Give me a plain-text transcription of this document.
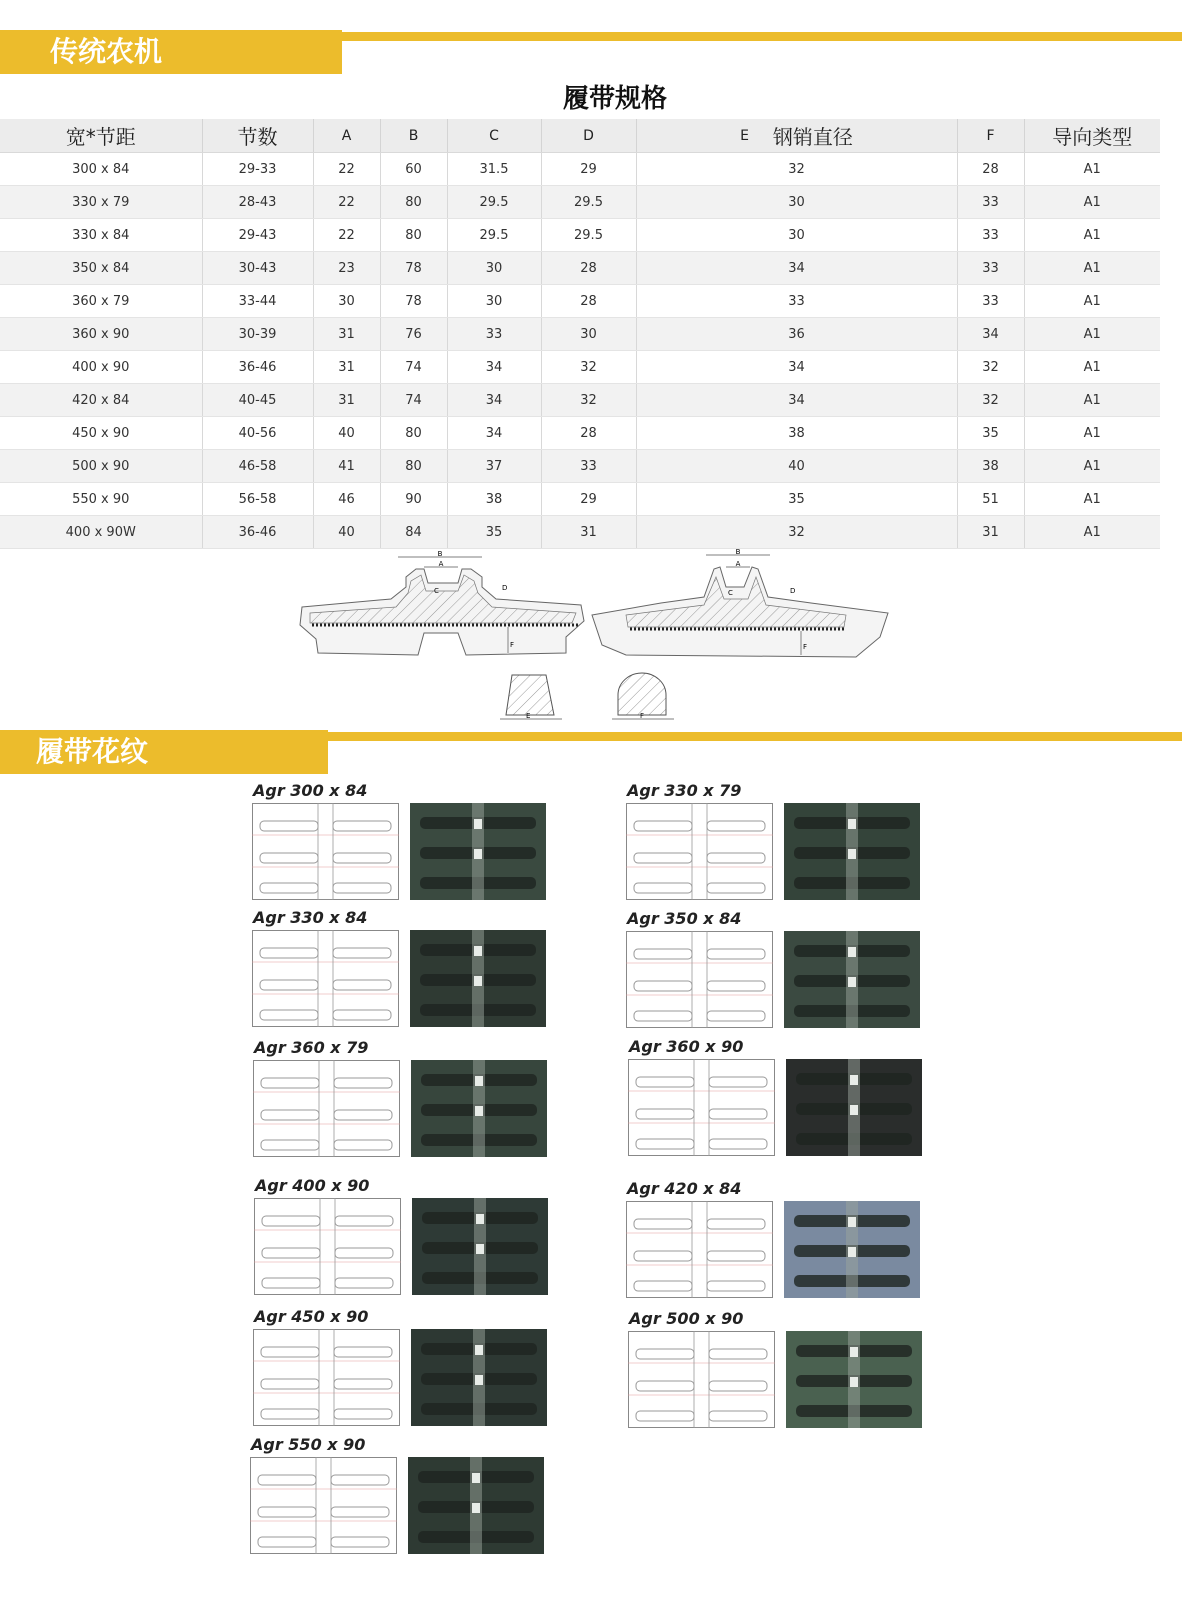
传统农机
履带规格
宽*节距	节数	A	B	C	D	E 钢销直径	F	导向类型
300 x 84	29-33	22	60	31.5	29	32	28	A1
330 x 79	28-43	22	80	29.5	29.5	30	33	A1
330 x 84	29-43	22	80	29.5	29.5	30	33	A1
350 x 84	30-43	23	78	30	28	34	33	A1
360 x 79	33-44	30	78	30	28	33	33	A1
360 x 90	30-39	31	76	33	30	36	34	A1
400 x 90	36-46	31	74	34	32	34	32	A1
420 x 84	40-45	31	74	34	32	34	32	A1
450 x 90	40-56	40	80	34	28	38	35	A1
500 x 90	46-58	41	80	37	33	40	38	A1
550 x 90	56-58	46	90	38	29	35	51	A1
400 x 90W	36-46	40	84	35	31	32	31	A1
B
A
C	D
F
B
A
C	D
F
E	F
履带花纹
Agr 300 x 84	Agr 330 x 79
Agr 330 x 84	Agr 350 x 84
Agr 360 x 79	Agr 360 x 90
Agr 400 x 90	Agr 420 x 84
Agr 450 x 90	Agr 500 x 90
Agr 550 x 90
